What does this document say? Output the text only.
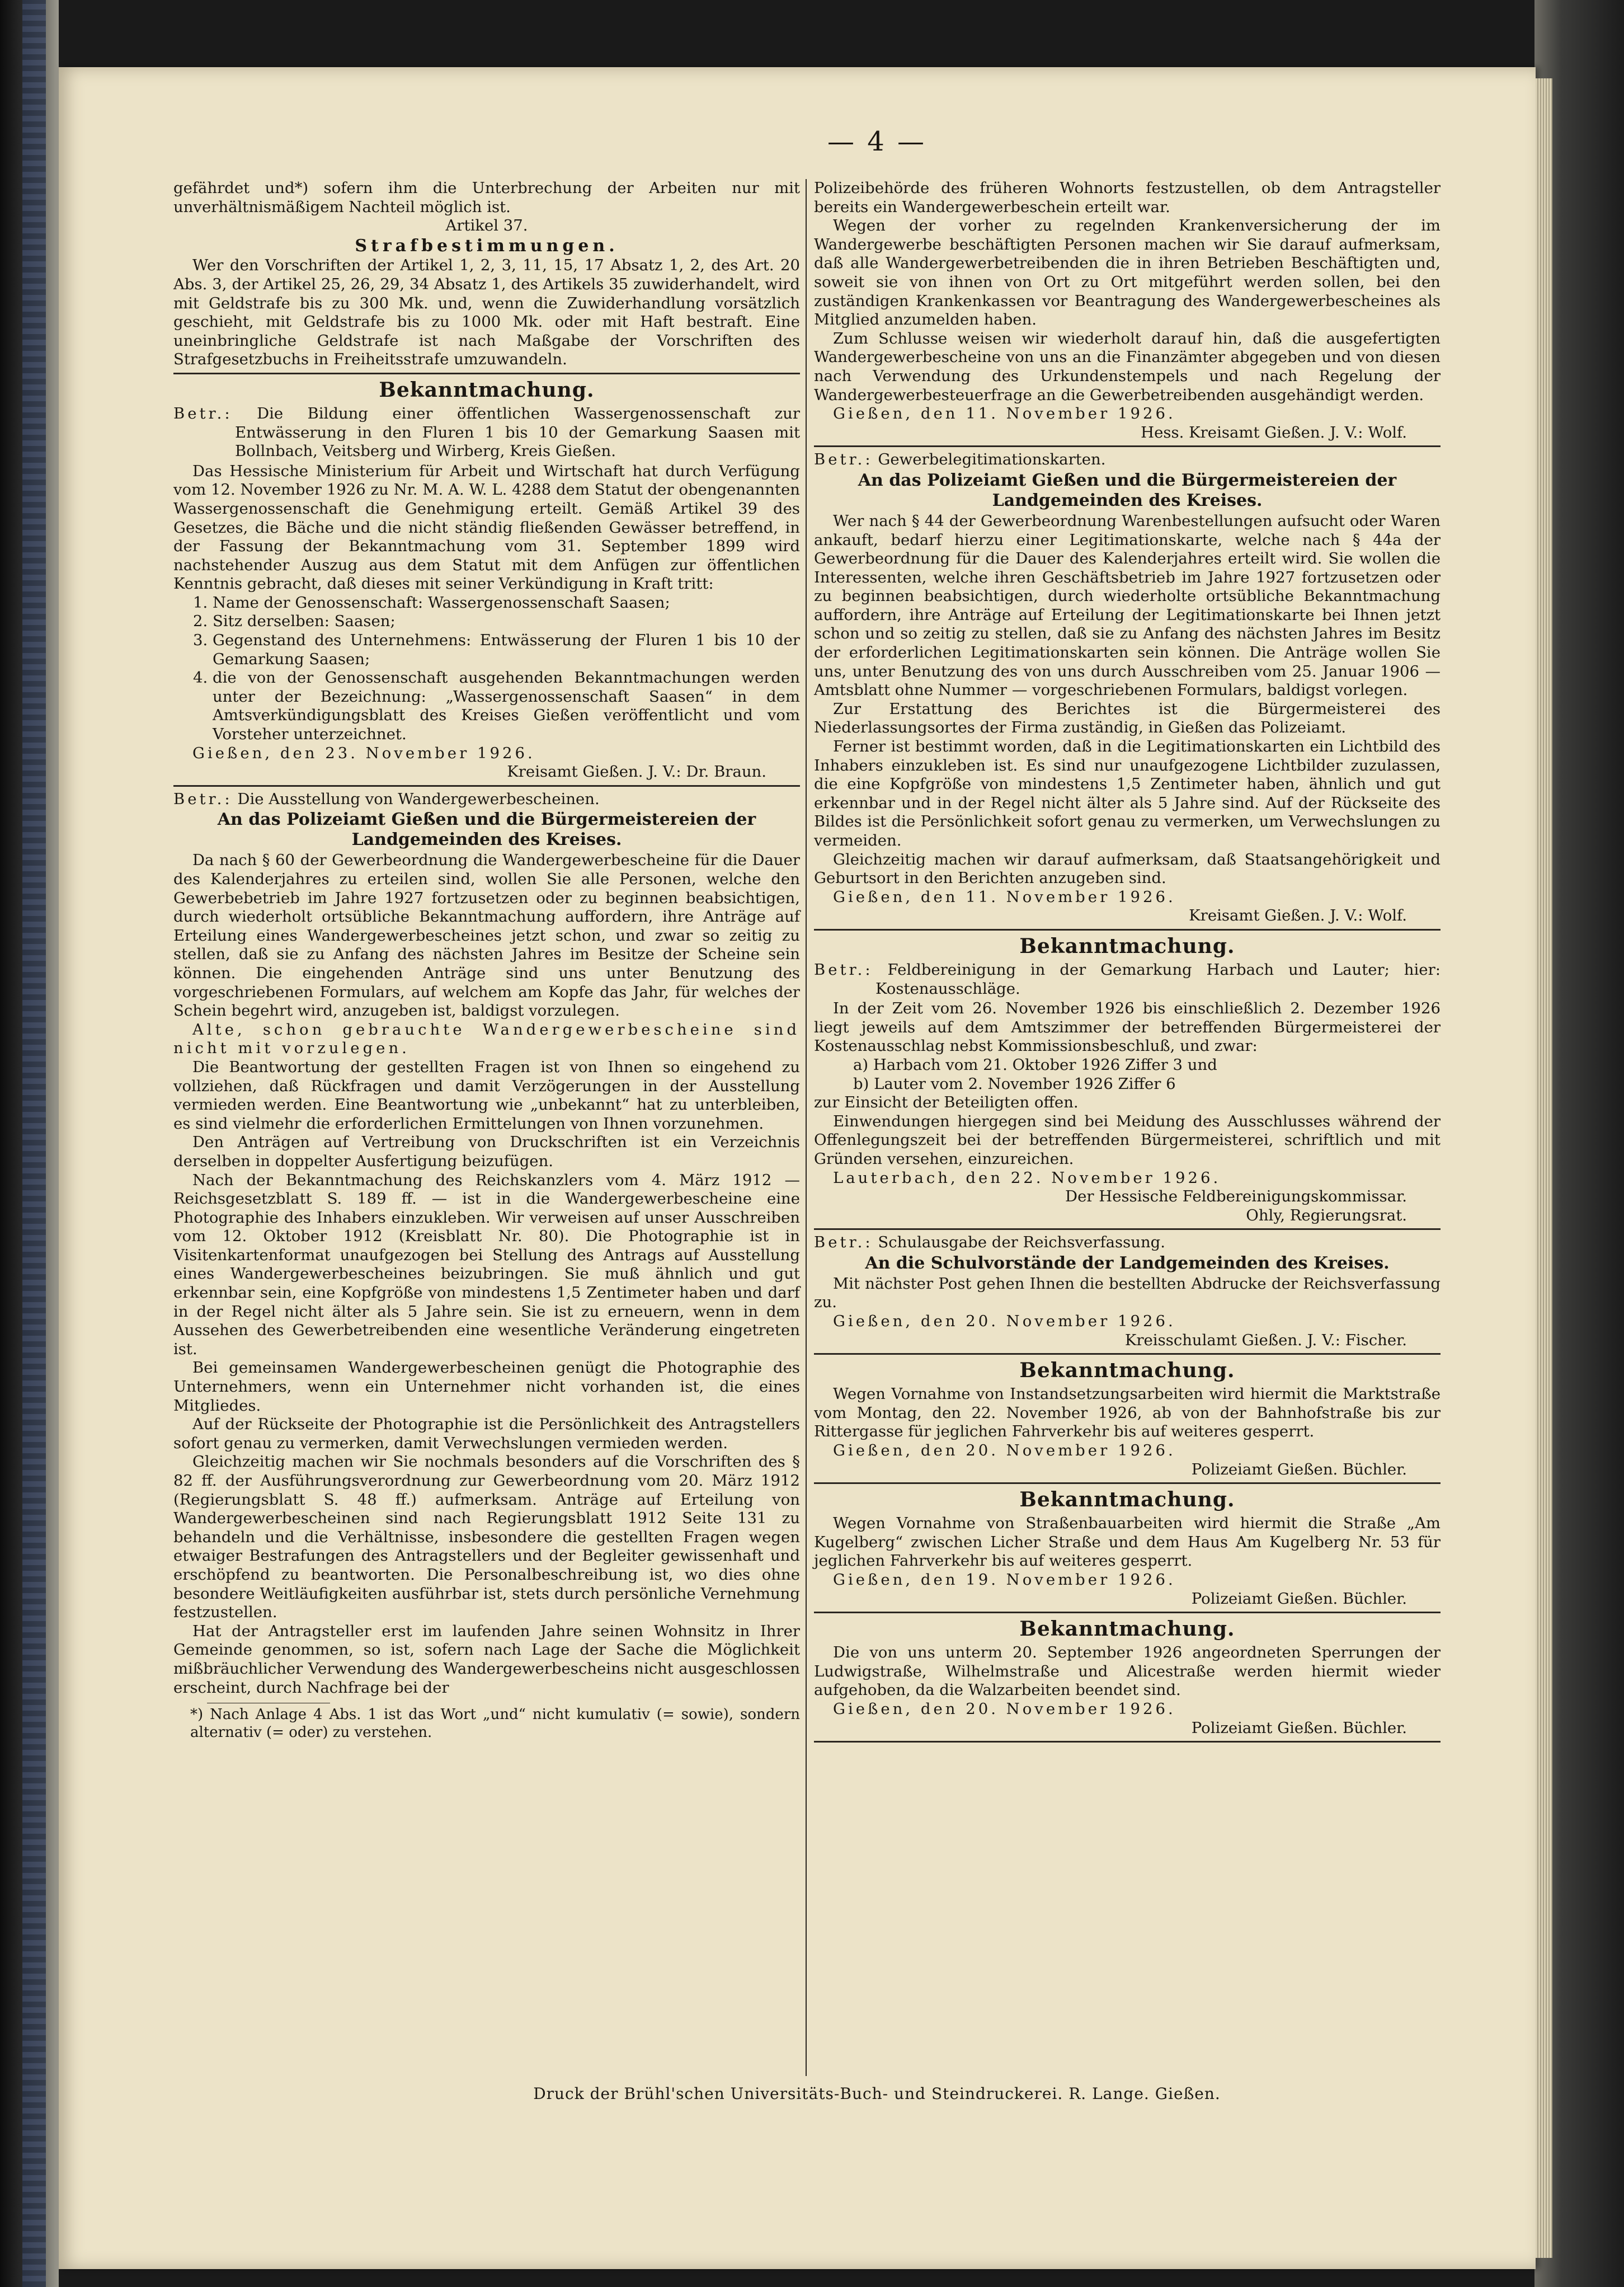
— 4 —

gefährdet und*) sofern ihm die Unterbrechung der Arbeiten nur mit unverhältnismäßigem Nachteil möglich ist.

Artikel 37.
Strafbestimmungen.

Wer den Vorschriften der Artikel 1, 2, 3, 11, 15, 17 Absatz 1, 2, des Art. 20 Abs. 3, der Artikel 25, 26, 29, 34 Absatz 1, des Artikels 35 zuwiderhandelt, wird mit Geldstrafe bis zu 300 Mk. und, wenn die Zuwiderhandlung vorsätzlich geschieht, mit Geldstrafe bis zu 1000 Mk. oder mit Haft bestraft. Eine uneinbringliche Geldstrafe ist nach Maßgabe der Vorschriften des Strafgesetzbuchs in Freiheitsstrafe umzuwandeln.

Bekanntmachung.
Betr.: Die Bildung einer öffentlichen Wassergenossenschaft zur Entwässerung in den Fluren 1 bis 10 der Gemarkung Saasen mit Bollnbach, Veitsberg und Wirberg, Kreis Gießen.

Das Hessische Ministerium für Arbeit und Wirtschaft hat durch Verfügung vom 12. November 1926 zu Nr. M. A. W. L. 4288 dem Statut der obengenannten Wassergenossenschaft die Genehmigung erteilt. Gemäß Artikel 39 des Gesetzes, die Bäche und die nicht ständig fließenden Gewässer betreffend, in der Fassung der Bekanntmachung vom 31. September 1899 wird nachstehender Auszug aus dem Statut mit dem Anfügen zur öffentlichen Kenntnis gebracht, daß dieses mit seiner Verkündigung in Kraft tritt:

1. Name der Genossenschaft: Wassergenossenschaft Saasen;
2. Sitz derselben: Saasen;
3. Gegenstand des Unternehmens: Entwässerung der Fluren 1 bis 10 der Gemarkung Saasen;
4. die von der Genossenschaft ausgehenden Bekanntmachungen werden unter der Bezeichnung: „Wassergenossenschaft Saasen“ in dem Amtsverkündigungsblatt des Kreises Gießen veröffentlicht und vom Vorsteher unterzeichnet.

Gießen, den 23. November 1926.

Kreisamt Gießen. J. V.: Dr. Braun.
Betr.: Die Ausstellung von Wandergewerbescheinen.
An das Polizeiamt Gießen und die Bürgermeistereien der Landgemeinden des Kreises.

Da nach § 60 der Gewerbeordnung die Wandergewerbescheine für die Dauer des Kalenderjahres zu erteilen sind, wollen Sie alle Personen, welche den Gewerbebetrieb im Jahre 1927 fortzusetzen oder zu beginnen beabsichtigen, durch wiederholt ortsübliche Bekanntmachung auffordern, ihre Anträge auf Erteilung eines Wandergewerbescheines jetzt schon, und zwar so zeitig zu stellen, daß sie zu Anfang des nächsten Jahres im Besitze der Scheine sein können. Die eingehenden Anträge sind uns unter Benutzung des vorgeschriebenen Formulars, auf welchem am Kopfe das Jahr, für welches der Schein begehrt wird, anzugeben ist, baldigst vorzulegen.

Alte, schon gebrauchte Wandergewerbescheine sind nicht mit vorzulegen.

Die Beantwortung der gestellten Fragen ist von Ihnen so eingehend zu vollziehen, daß Rückfragen und damit Verzögerungen in der Ausstellung vermieden werden. Eine Beantwortung wie „unbekannt“ hat zu unterbleiben, es sind vielmehr die erforderlichen Ermittelungen von Ihnen vorzunehmen.

Den Anträgen auf Vertreibung von Druckschriften ist ein Verzeichnis derselben in doppelter Ausfertigung beizufügen.

Nach der Bekanntmachung des Reichskanzlers vom 4. März 1912 — Reichsgesetzblatt S. 189 ff. — ist in die Wandergewerbescheine eine Photographie des Inhabers einzukleben. Wir verweisen auf unser Ausschreiben vom 12. Oktober 1912 (Kreisblatt Nr. 80). Die Photographie ist in Visitenkartenformat unaufgezogen bei Stellung des Antrags auf Ausstellung eines Wandergewerbescheines beizubringen. Sie muß ähnlich und gut erkennbar sein, eine Kopfgröße von mindestens 1,5 Zentimeter haben und darf in der Regel nicht älter als 5 Jahre sein. Sie ist zu erneuern, wenn in dem Aussehen des Gewerbetreibenden eine wesentliche Veränderung eingetreten ist.

Bei gemeinsamen Wandergewerbescheinen genügt die Photographie des Unternehmers, wenn ein Unternehmer nicht vorhanden ist, die eines Mitgliedes.

Auf der Rückseite der Photographie ist die Persönlichkeit des Antragstellers sofort genau zu vermerken, damit Verwechslungen vermieden werden.

Gleichzeitig machen wir Sie nochmals besonders auf die Vorschriften des § 82 ff. der Ausführungsverordnung zur Gewerbeordnung vom 20. März 1912 (Regierungsblatt S. 48 ff.) aufmerksam. Anträge auf Erteilung von Wandergewerbescheinen sind nach Regierungsblatt 1912 Seite 131 zu behandeln und die Verhältnisse, insbesondere die gestellten Fragen wegen etwaiger Bestrafungen des Antragstellers und der Begleiter gewissenhaft und erschöpfend zu beantworten. Die Personalbeschreibung ist, wo dies ohne besondere Weitläufigkeiten ausführbar ist, stets durch persönliche Vernehmung festzustellen.

Hat der Antragsteller erst im laufenden Jahre seinen Wohnsitz in Ihrer Gemeinde genommen, so ist, sofern nach Lage der Sache die Möglichkeit mißbräuchlicher Verwendung des Wandergewerbescheins nicht ausgeschlossen erscheint, durch Nachfrage bei der

*) Nach Anlage 4 Abs. 1 ist das Wort „und“ nicht kumulativ (= sowie), sondern alternativ (= oder) zu verstehen.

Polizeibehörde des früheren Wohnorts festzustellen, ob dem Antragsteller bereits ein Wandergewerbeschein erteilt war.

Wegen der vorher zu regelnden Krankenversicherung der im Wandergewerbe beschäftigten Personen machen wir Sie darauf aufmerksam, daß alle Wandergewerbetreibenden die in ihren Betrieben Beschäftigten und, soweit sie von ihnen von Ort zu Ort mitgeführt werden sollen, bei den zuständigen Krankenkassen vor Beantragung des Wandergewerbescheines als Mitglied anzumelden haben.

Zum Schlusse weisen wir wiederholt darauf hin, daß die ausgefertigten Wandergewerbescheine von uns an die Finanzämter abgegeben und von diesen nach Verwendung des Urkundenstempels und nach Regelung der Wandergewerbesteuerfrage an die Gewerbetreibenden ausgehändigt werden.

Gießen, den 11. November 1926.

Hess. Kreisamt Gießen. J. V.: Wolf.
Betr.: Gewerbelegitimationskarten.
An das Polizeiamt Gießen und die Bürgermeistereien der Landgemeinden des Kreises.

Wer nach § 44 der Gewerbeordnung Warenbestellungen aufsucht oder Waren ankauft, bedarf hierzu einer Legitimationskarte, welche nach § 44a der Gewerbeordnung für die Dauer des Kalenderjahres erteilt wird. Sie wollen die Interessenten, welche ihren Geschäftsbetrieb im Jahre 1927 fortzusetzen oder zu beginnen beabsichtigen, durch wiederholte ortsübliche Bekanntmachung auffordern, ihre Anträge auf Erteilung der Legitimationskarte bei Ihnen jetzt schon und so zeitig zu stellen, daß sie zu Anfang des nächsten Jahres im Besitz der erforderlichen Legitimationskarten sein können. Die Anträge wollen Sie uns, unter Benutzung des von uns durch Ausschreiben vom 25. Januar 1906 — Amtsblatt ohne Nummer — vorgeschriebenen Formulars, baldigst vorlegen.

Zur Erstattung des Berichtes ist die Bürgermeisterei des Niederlassungsortes der Firma zuständig, in Gießen das Polizeiamt.

Ferner ist bestimmt worden, daß in die Legitimationskarten ein Lichtbild des Inhabers einzukleben ist. Es sind nur unaufgezogene Lichtbilder zuzulassen, die eine Kopfgröße von mindestens 1,5 Zentimeter haben, ähnlich und gut erkennbar und in der Regel nicht älter als 5 Jahre sind. Auf der Rückseite des Bildes ist die Persönlichkeit sofort genau zu vermerken, um Verwechslungen zu vermeiden.

Gleichzeitig machen wir darauf aufmerksam, daß Staatsangehörigkeit und Geburtsort in den Berichten anzugeben sind.

Gießen, den 11. November 1926.

Kreisamt Gießen. J. V.: Wolf.
Bekanntmachung.
Betr.: Feldbereinigung in der Gemarkung Harbach und Lauter; hier: Kostenausschläge.

In der Zeit vom 26. November 1926 bis einschließlich 2. Dezember 1926 liegt jeweils auf dem Amtszimmer der betreffenden Bürgermeisterei der Kostenausschlag nebst Kommissionsbeschluß, und zwar:

a) Harbach vom 21. Oktober 1926 Ziffer 3 und
b) Lauter vom 2. November 1926 Ziffer 6

zur Einsicht der Beteiligten offen.

Einwendungen hiergegen sind bei Meidung des Ausschlusses während der Offenlegungszeit bei der betreffenden Bürgermeisterei, schriftlich und mit Gründen versehen, einzureichen.

Lauterbach, den 22. November 1926.

Der Hessische Feldbereinigungskommissar.
Ohly, Regierungsrat.
Betr.: Schulausgabe der Reichsverfassung.
An die Schulvorstände der Landgemeinden des Kreises.

Mit nächster Post gehen Ihnen die bestellten Abdrucke der Reichsverfassung zu.

Gießen, den 20. November 1926.

Kreisschulamt Gießen. J. V.: Fischer.
Bekanntmachung.

Wegen Vornahme von Instandsetzungsarbeiten wird hiermit die Marktstraße vom Montag, den 22. November 1926, ab von der Bahnhofstraße bis zur Rittergasse für jeglichen Fahrverkehr bis auf weiteres gesperrt.

Gießen, den 20. November 1926.

Polizeiamt Gießen. Büchler.
Bekanntmachung.

Wegen Vornahme von Straßenbauarbeiten wird hiermit die Straße „Am Kugelberg“ zwischen Licher Straße und dem Haus Am Kugelberg Nr. 53 für jeglichen Fahrverkehr bis auf weiteres gesperrt.

Gießen, den 19. November 1926.

Polizeiamt Gießen. Büchler.
Bekanntmachung.

Die von uns unterm 20. September 1926 angeordneten Sperrungen der Ludwigstraße, Wilhelmstraße und Alicestraße werden hiermit wieder aufgehoben, da die Walzarbeiten beendet sind.

Gießen, den 20. November 1926.

Polizeiamt Gießen. Büchler.
Druck der Brühl'schen Universitäts-Buch- und Steindruckerei. R. Lange. Gießen.
